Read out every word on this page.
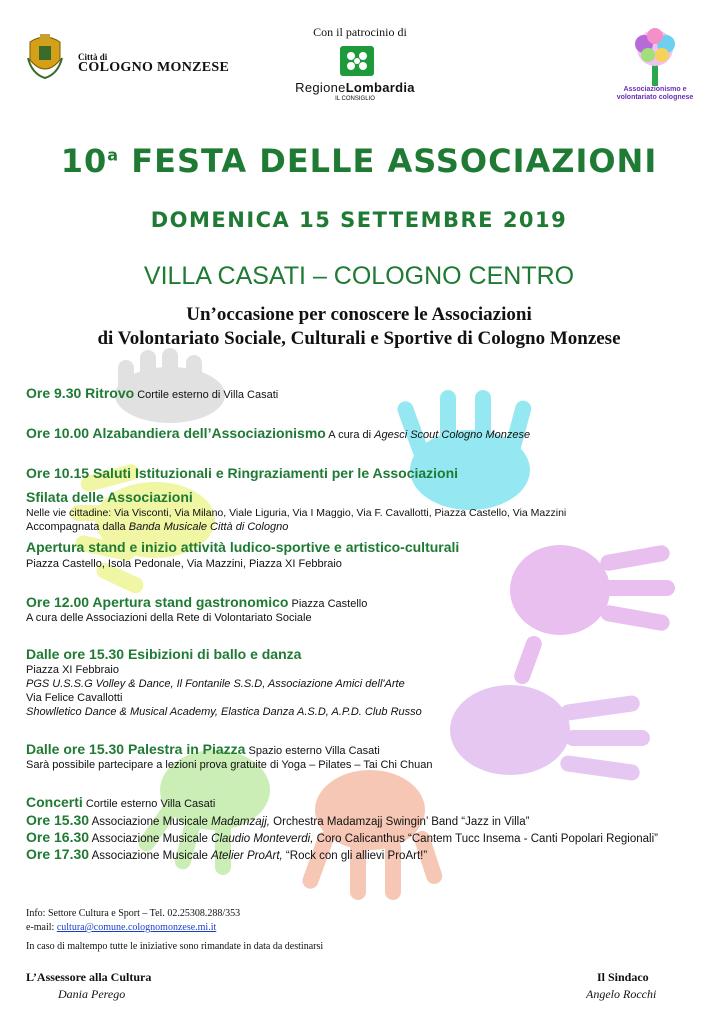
Città di
COLOGNO MONZESE
Con il patrocinio di
RegioneLombardia
IL CONSIGLIO
Associazionismo e
volontariato colognese
10$^a$ FESTA DELLE ASSOCIAZIONI
DOMENICA 15 SETTEMBRE 2019
VILLA CASATI – COLOGNO CENTRO
Un’occasione per conoscere le Associazioni
di Volontariato Sociale, Culturali e Sportive di Cologno Monzese
Ore 9.30 Ritrovo Cortile esterno di Villa Casati
Ore 10.00 Alzabandiera dell’Associazionismo A cura di Agesci Scout Cologno Monzese
Ore 10.15 Saluti Istituzionali e Ringraziamenti per le Associazioni
Sfilata delle Associazioni
Nelle vie cittadine: Via Visconti, Via Milano, Viale Liguria, Via I Maggio, Via F. Cavallotti, Piazza Castello, Via Mazzini
Accompagnata dalla Banda Musicale Città di Cologno
Apertura stand e inizio attività ludico-sportive e artistico-culturali
Piazza Castello, Isola Pedonale, Via Mazzini, Piazza XI Febbraio
Ore 12.00 Apertura stand gastronomico Piazza Castello
A cura delle Associazioni della Rete di Volontariato Sociale
Dalle ore 15.30 Esibizioni di ballo e danza
Piazza XI Febbraio
PGS U.S.S.G Volley & Dance, Il Fontanile S.S.D, Associazione Amici dell'Arte
Via Felice Cavallotti
Showlletico Dance & Musical Academy, Elastica Danza A.S.D, A.P.D. Club Russo
Dalle ore 15.30 Palestra in Piazza Spazio esterno Villa Casati
Sarà possibile partecipare a lezioni prova gratuite di Yoga – Pilates – Tai Chi Chuan
Concerti Cortile esterno Villa Casati
Ore 15.30 Associazione Musicale Madamzajj, Orchestra Madamzajj Swingin’ Band “Jazz in Villa”
Ore 16.30 Associazione Musicale Claudio Monteverdi, Coro Calicanthus “Cantem Tucc Insema - Canti Popolari Regionali”
Ore 17.30 Associazione Musicale Atelier ProArt, “Rock con gli allievi ProArt!”
Info: Settore Cultura e Sport – Tel. 02.25308.288/353
e-mail: cultura@comune.colognomonzese.mi.it
In caso di maltempo tutte le iniziative sono rimandate in data da destinarsi
L’Assessore alla Cultura
Dania Perego
Il Sindaco
Angelo Rocchi
